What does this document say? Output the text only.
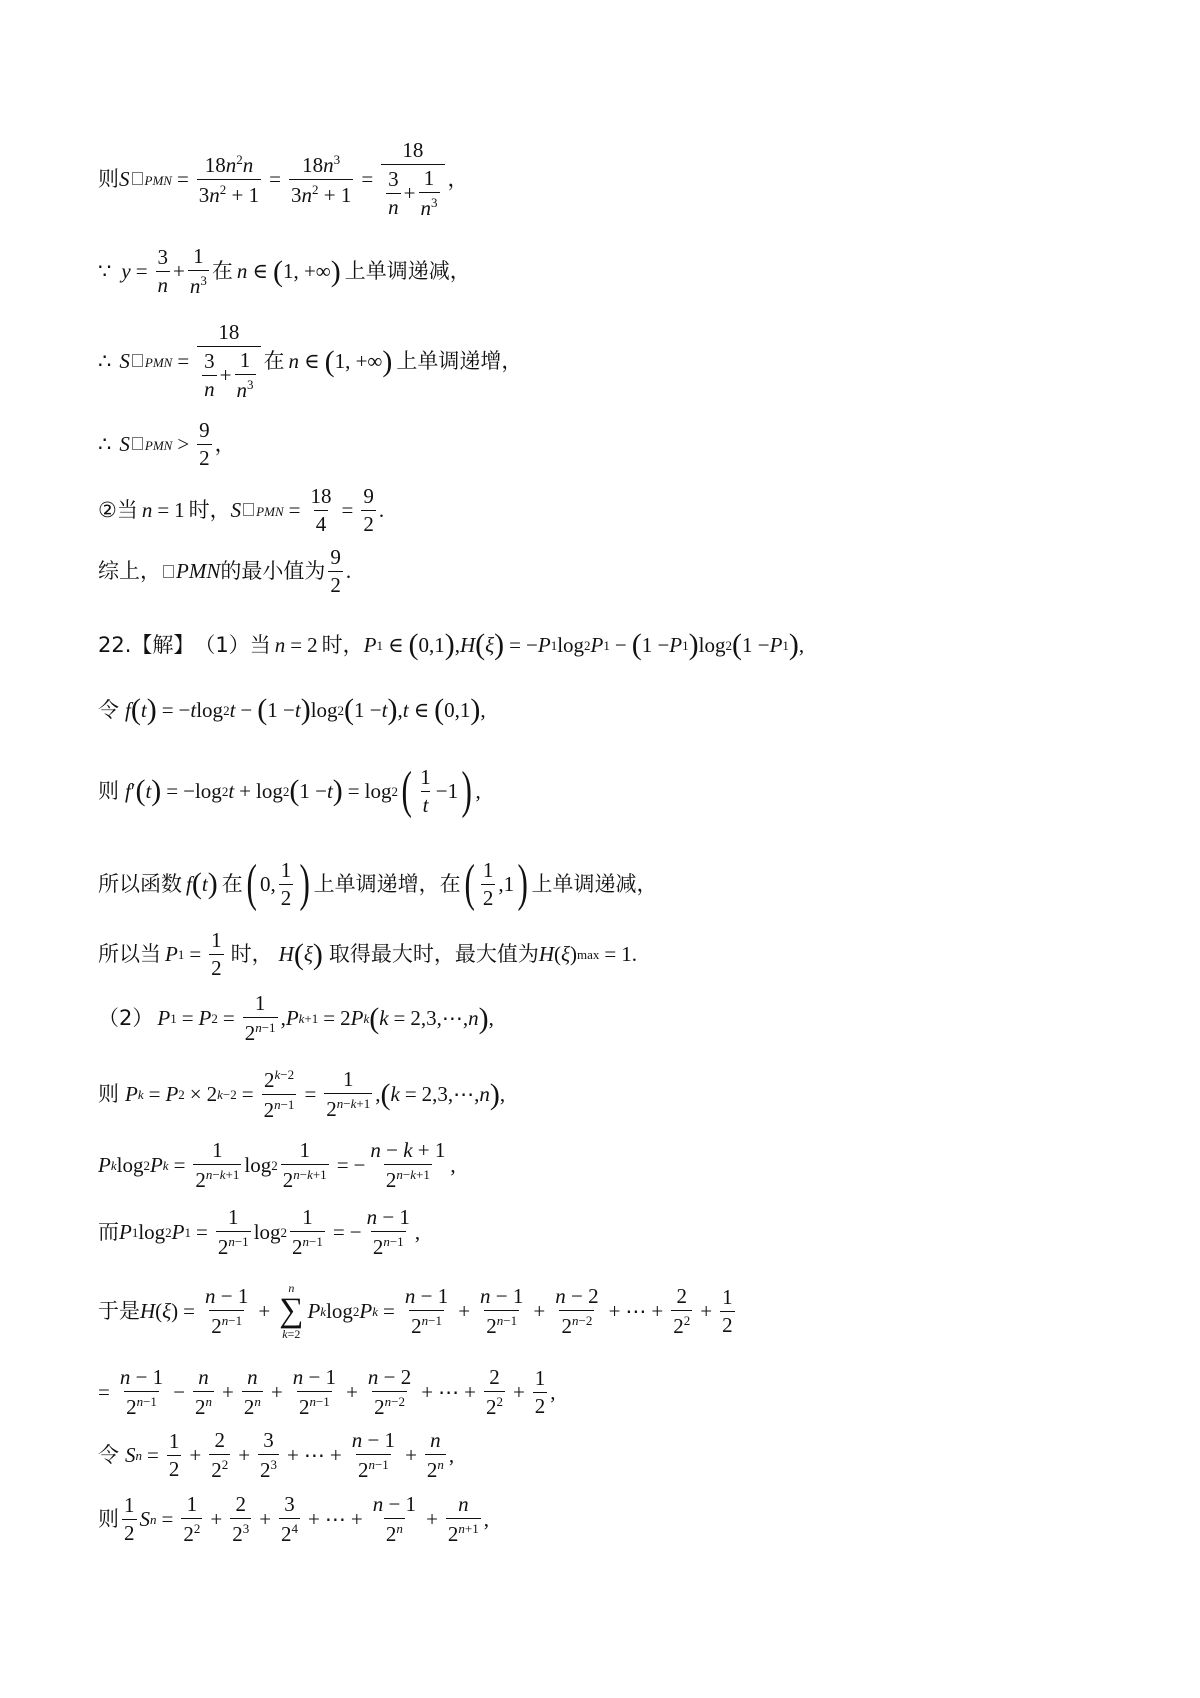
则 S	PMN = $\frac{18n^2n}{3n^2 + 1} = \frac{18n^3}{3n^2 + 1} = \frac{18}{\frac{3}{n} + \frac{1}{n^3}}$ ，
∵ $y = \frac{3}{n} + \frac{1}{n^3}$ 在 n ∈ ( 1, +∞ ) 上单调递减，
∴ S	PMN = $\frac{18}{\frac{3}{n} + \frac{1}{n^3}}$ 在 n ∈ ( 1, +∞ ) 上单调递增，
∴ S	PMN > $\frac{9}{2}$ ，
②当 n = 1 时， S	PMN = $\frac{18}{4} = \frac{9}{2}$ .
综上， PMN 的最小值为 $\frac{9}{2}$ .
22.【解】 （1）当 n = 2 时， P 1 ∈ ( 0,1 ) , H ( ξ ) = − P 1 log 2 P 1 − ( 1 − P 1 ) log 2 ( 1 − P 1 ) ,
令 f ( t ) = − t log 2 t − ( 1 − t ) log 2 ( 1 − t ) , t ∈ ( 0,1 ) ,
则 f ′ ( t ) = −log 2 t + log 2 ( 1 − t ) = log 2 ( $\frac{1}{t} -1$ ) ,
所以函数 f ( t ) 在 ( 0, $\frac{1}{2}$ ) 上单调递增，在 ( $\frac{1}{2} ,1$ ) 上单调递减，
所以当 P $1 = \frac{1}{2}$ 时， H ( ξ ) 取得最大时，最大值为 H ( ξ ) max = 1.
（2） P 1 = P $2 = \frac{1}{2^{n-1}}$ , P k+1 = 2 P k ( k = 2,3,⋯, n ) ,
则 P k = P 2 × 2 $k-2 = \frac{2^{k-2}}{2^{n-1}} = \frac{1}{2^{n-k+1}}$ , ( k = 2,3,⋯, n ) ,
P k log 2 P $k = \frac{1}{2^{n-k+1}}$ $\log 2 \frac{1}{2^{n-k+1}}$ = − $\frac{n - k + 1}{2^{n-k+1}}$ ,
而 P 1 log 2 P $1 = \frac{1}{2^{n-1}}$ $\log 2 \frac{1}{2^{n-1}}$ = − $\frac{n - 1}{2^{n-1}}$ ,
于是 H ( ξ ) = $\frac{n - 1}{2^{n-1}}$ +
n
∑
k=2
P k log 2 P $k = \frac{n - 1}{2^{n-1}} + \frac{n - 1}{2^{n-1}} + \frac{n - 2}{2^{n-2}}$ + ⋯ + $\frac{2}{2^2} + \frac{1}{2}$
= $\frac{n - 1}{2^{n-1}} - \frac{n}{2^n} + \frac{n}{2^n} + \frac{n - 1}{2^{n-1}} + \frac{n - 2}{2^{n-2}}$ + ⋯ + $\frac{2}{2^2} + \frac{1}{2}$ ,
令 S $n = \frac{1}{2} + \frac{2}{2^2} + \frac{3}{2^3}$ + ⋯ + $\frac{n - 1}{2^{n-1}} + \frac{n}{2^n}$ ,
则 $\frac{1}{2}$ S $n = \frac{1}{2^2} + \frac{2}{2^3} + \frac{3}{2^4}$ + ⋯ + $\frac{n - 1}{2^n} + \frac{n}{2^{n+1}}$ ,
